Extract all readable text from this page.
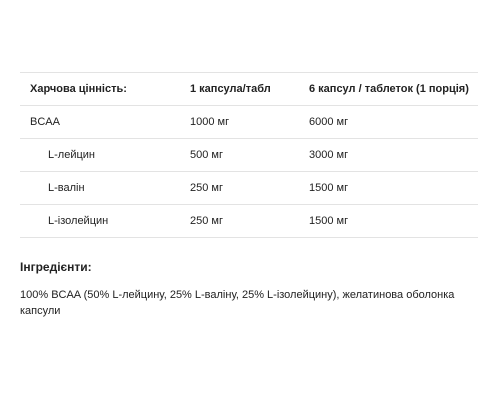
Харчова цінність:	1 капсула/табл	6 капсул / таблеток (1 порція)
BCAA	1000 мг	6000 мг
L-лейцин	500 мг	3000 мг
L-валін	250 мг	1500 мг
L-ізолейцин	250 мг	1500 мг
Інгредієнти:

100% BCAA (50% L-лейцину, 25% L-валіну, 25% L-ізолейцину), желатинова оболонка капсули
